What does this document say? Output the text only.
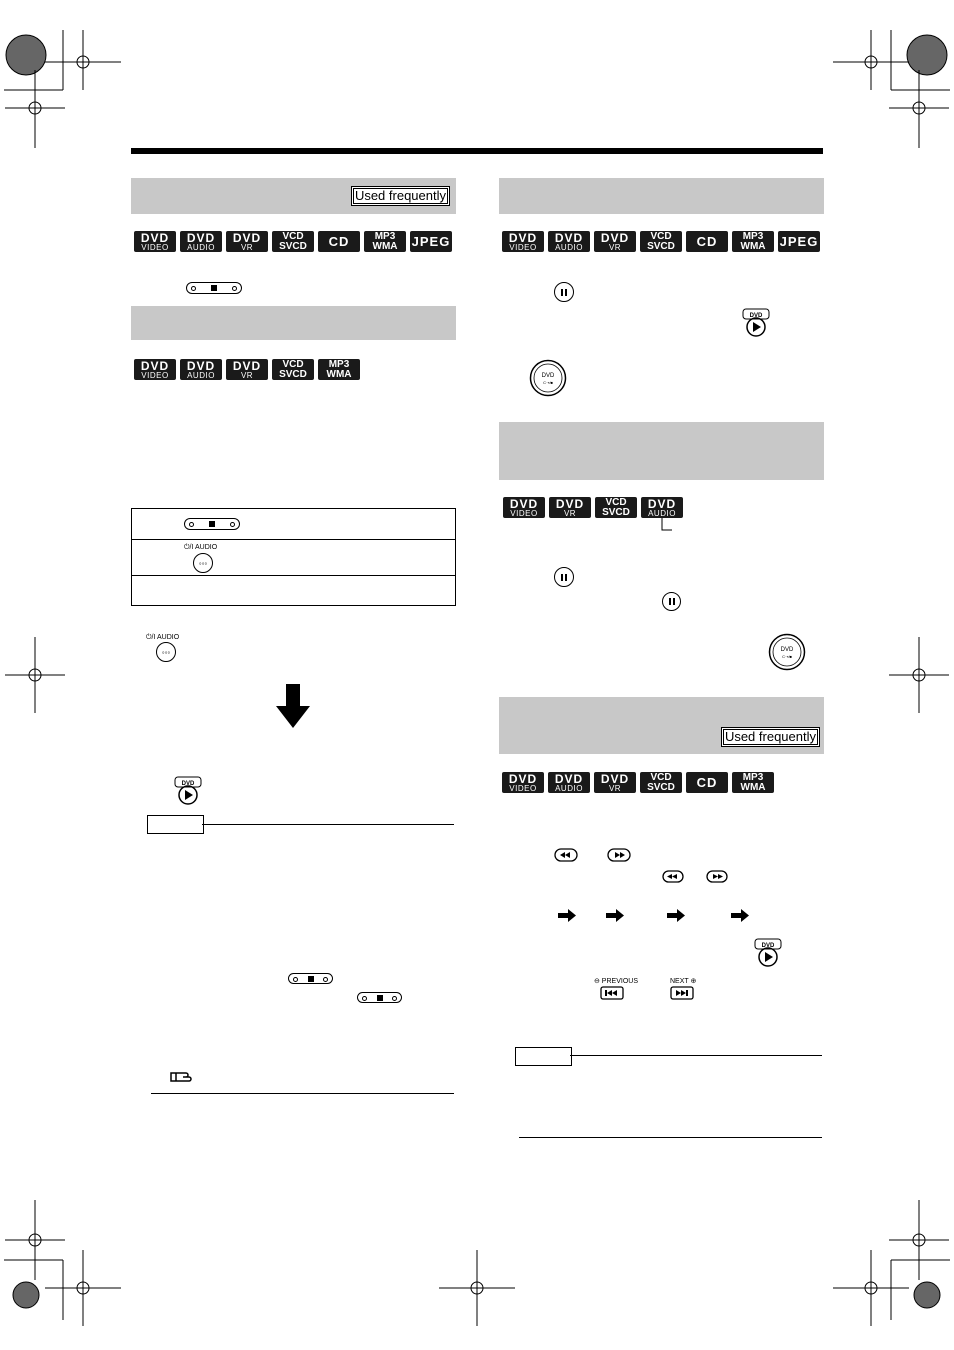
Used frequently
DVD
VIDEO
DVD
AUDIO
DVD
VR
VCD
SVCD CD	MP3
WMA JPEG
DVD
VIDEO
DVD
AUDIO
DVD
VR
VCD
SVCD
MP3
WMA
⏻/I AUDIO
◦◦◦
⏻/I AUDIO
◦◦◦
DVD
DVD
VIDEO
DVD
AUDIO
DVD
VR
VCD
SVCD CD	MP3
WMA JPEG
DVD
DVD
C⇢/■
DVD
VIDEO
DVD
VR
VCD
SVCD
DVD
AUDIO
DVD
C⇢/■
Used frequently
DVD
VIDEO
DVD
AUDIO
DVD
VR
VCD
SVCD CD	MP3
WMA
DVD
⊖ PREVIOUS	NEXT ⊕
